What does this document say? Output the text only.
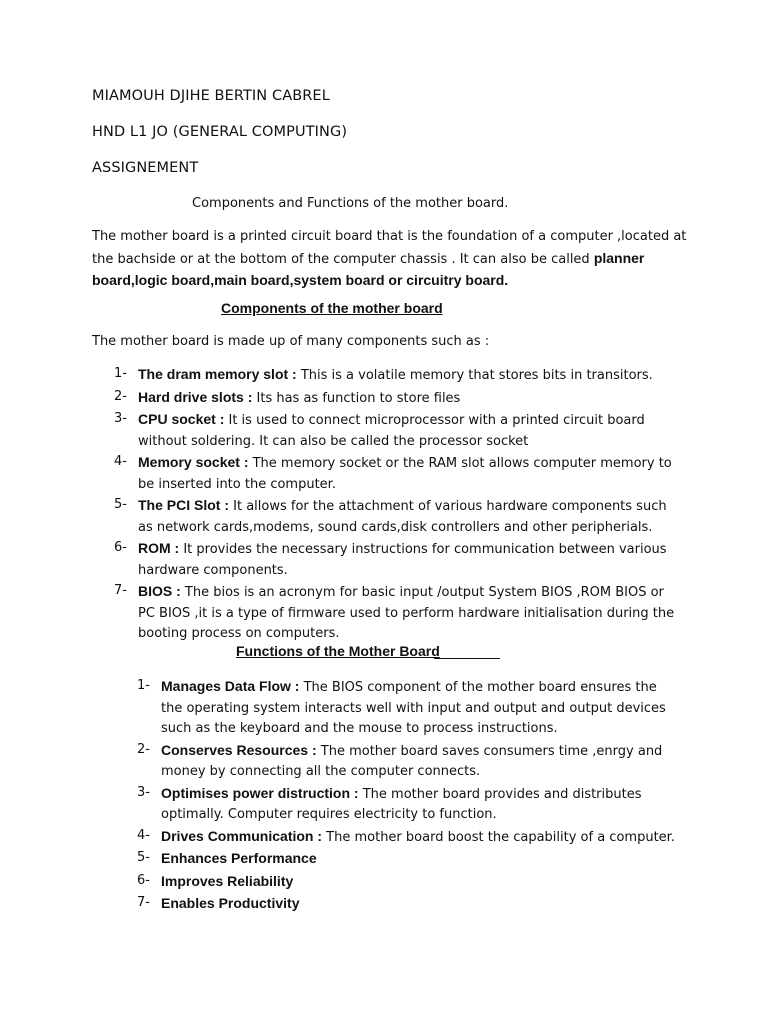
MIAMOUH DJIHE BERTIN CABREL
HND L1 JO (GENERAL COMPUTING)
ASSIGNEMENT
Components and Functions of the mother board.
The mother board is a printed circuit board that is the foundation of a computer ,located at the bachside or at the bottom of the computer chassis . It can also be called planner board,logic board,main board,system board or circuitry board.
Components of the mother board
The mother board is made up of many components such as :
1- The dram memory slot : This is a volatile memory that stores bits in transitors.
2- Hard drive slots : Its has as function to store files
3- CPU socket : It is used to connect microprocessor with a printed circuit board without soldering. It can also be called the processor socket
4- Memory socket : The memory socket or the RAM slot allows computer memory to be inserted into the computer.
5- The PCI Slot : It allows for the attachment of various hardware components such as network cards,modems, sound cards,disk controllers and other peripherials.
6- ROM : It provides the necessary instructions for communication between various hardware components.
7- BIOS : The bios is an acronym for basic input /output System BIOS ,ROM BIOS or PC BIOS ,it is a type of firmware used to perform hardware initialisation during the booting process on computers.
Functions of the Mother Board
1- Manages Data Flow : The BIOS component of the mother board ensures the the operating system interacts well with input and output and output devices such as the keyboard and the mouse to process instructions.
2- Conserves Resources : The mother board saves consumers time ,enrgy and money by connecting all the computer connects.
3- Optimises power distruction : The mother board provides and distributes optimally. Computer requires electricity to function.
4- Drives Communication : The mother board boost the capability of a computer.
5- Enhances Performance
6- Improves Reliability
7- Enables Productivity
